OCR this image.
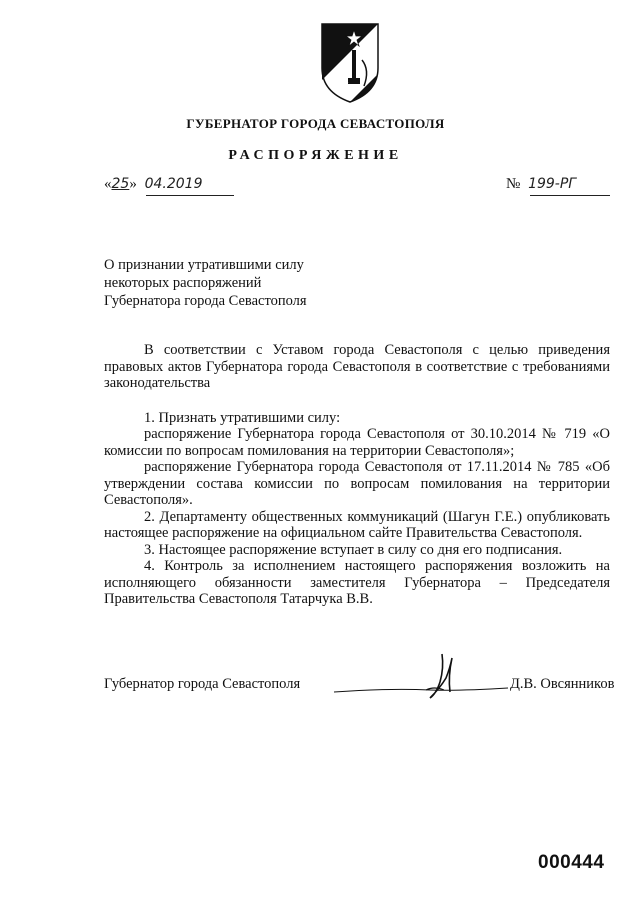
ГУБЕРНАТОР ГОРОДА СЕВАСТОПОЛЯ
РАСПОРЯЖЕНИЕ
«25» 04.2019	№ 199-РГ
О признании утратившими силу
некоторых распоряжений
Губернатора города Севастополя

В соответствии с Уставом города Севастополя с целью приведения правовых актов Губернатора города Севастополя в соответствие с требованиями законодательства

1. Признать утратившими силу:

распоряжение Губернатора города Севастополя от 30.10.2014 № 719 «О комиссии по вопросам помилования на территории Севастополя»;

распоряжение Губернатора города Севастополя от 17.11.2014 № 785 «Об утверждении состава комиссии по вопросам помилования на территории Севастополя».

2. Департаменту общественных коммуникаций (Шагун Г.Е.) опубликовать настоящее распоряжение на официальном сайте Правительства Севастополя.

3. Настоящее распоряжение вступает в силу со дня его подписания.

4. Контроль за исполнением настоящего распоряжения возложить на исполняющего обязанности заместителя Губернатора – Председателя Правительства Севастополя Татарчука В.В.

Губернатор города Севастополя	Д.В. Овсянников
000444
